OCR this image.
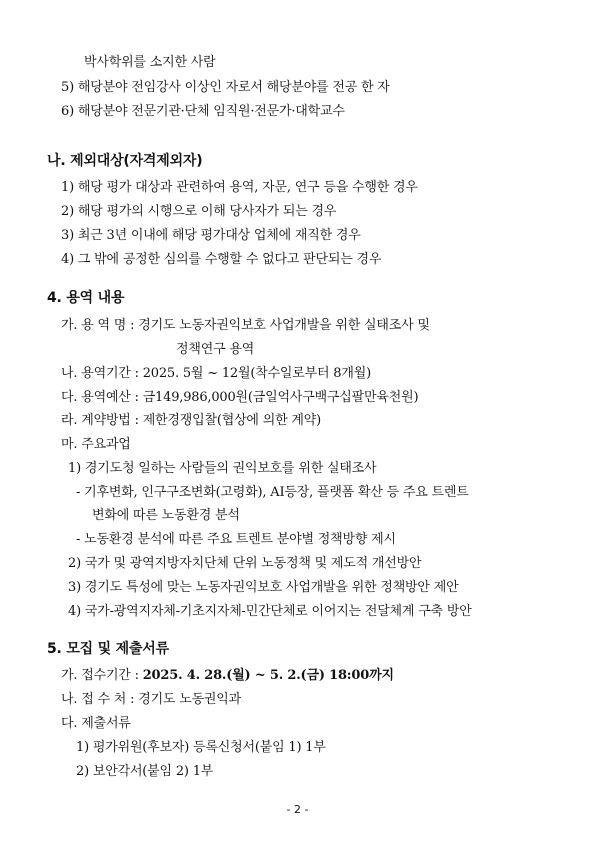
박사학위를 소지한 사람
5) 해당분야 전임강사 이상인 자로서 해당분야를 전공 한 자
6) 해당분야 전문기관·단체 임직원·전문가·대학교수
나. 제외대상(자격제외자)
1) 해당 평가 대상과 관련하여 용역, 자문, 연구 등을 수행한 경우
2) 해당 평가의 시행으로 이해 당사자가 되는 경우
3) 최근 3년 이내에 해당 평가대상 업체에 재직한 경우
4) 그 밖에 공정한 심의를 수행할 수 없다고 판단되는 경우
4. 용역 내용
가. 용 역 명 : 경기도 노동자권익보호 사업개발을 위한 실태조사 및
정책연구 용역
나. 용역기간 : 2025. 5월 ~ 12월(착수일로부터 8개월)
다. 용역예산 : 금149,986,000원(금일억사구백구십팔만육천원)
라. 계약방법 : 제한경쟁입찰(협상에 의한 계약)
마. 주요과업
1) 경기도청 일하는 사람들의 권익보호를 위한 실태조사
- 기후변화, 인구구조변화(고령화), AI등장, 플랫폼 확산 등 주요 트렌트
변화에 따른 노동환경 분석
- 노동환경 분석에 따른 주요 트렌트 분야별 정책방향 제시
2) 국가 및 광역지방자치단체 단위 노동정책 및 제도적 개선방안
3) 경기도 특성에 맞는 노동자권익보호 사업개발을 위한 정책방안 제안
4) 국가-광역지자체-기초지자체-민간단체로 이어지는 전달체계 구축 방안
5. 모집 및 제출서류
가. 접수기간 : 2025. 4. 28.(월) ~ 5. 2.(금) 18:00까지
나. 접 수 처 : 경기도 노동권익과
다. 제출서류
1) 평가위원(후보자) 등록신청서(붙임 1) 1부
2) 보안각서(붙임 2) 1부
- 2 -
